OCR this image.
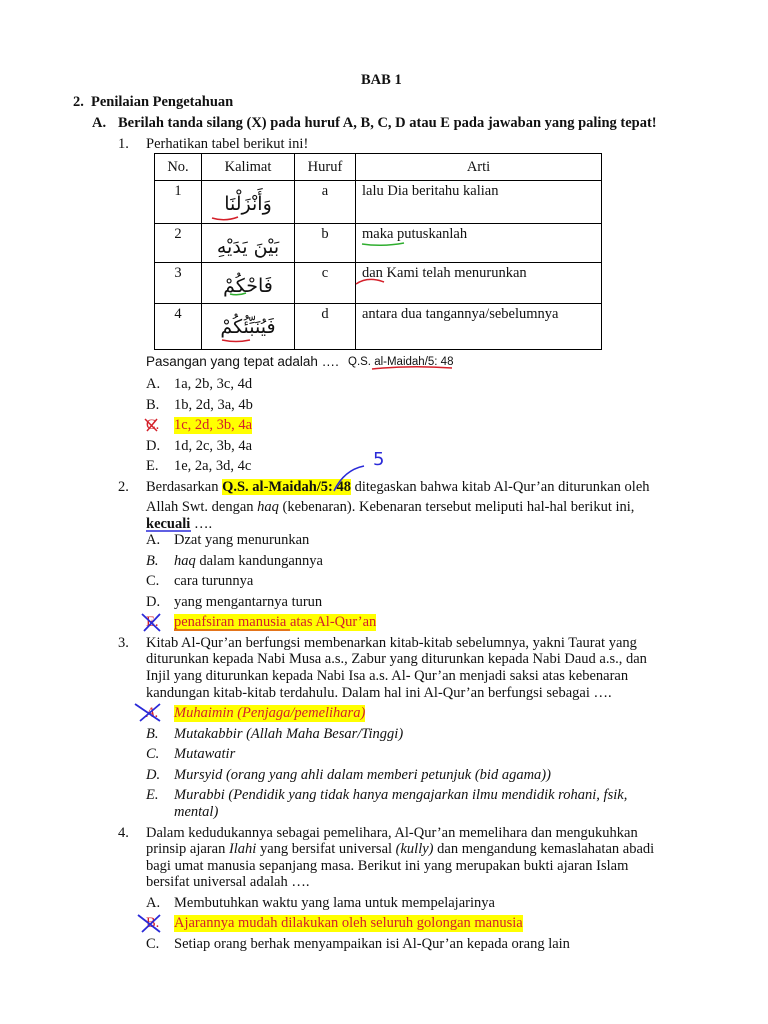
BAB 1
2. Penilaian Pengetahuan
A. Berilah tanda silang (X) pada huruf A, B, C, D atau E pada jawaban yang paling tepat!
1. Perhatikan tabel berikut ini!
No.	Kalimat	Huruf	Arti
1	وَأَنْزَلْنَا	a	lalu Dia beritahu kalian
2	بَيْنَ يَدَيْهِ	b	maka putuskanlah
3	فَاحْكُمْ	c	dan Kami telah menurunkan
4	فَيُنَبِّئُكُمْ	d	antara dua tangannya/sebelumnya
Pasangan yang tepat adalah …. Q.S. al-Maidah/5: 48
A. 1a, 2b, 3c, 4d
B. 1b, 2d, 3a, 4b
C. 1c, 2d, 3b, 4a
D. 1d, 2c, 3b, 4a
E. 1e, 2a, 3d, 4c
2. Berdasarkan Q.S. al-Maidah/5: 48 ditegaskan bahwa kitab Al-Qur’an diturunkan oleh
Allah Swt. dengan haq (kebenaran). Kebenaran tersebut meliputi hal-hal berikut ini,
kecuali ….
5
A. Dzat yang menurunkan
B. haq dalam kandungannya
C. cara turunnya
D. yang mengantarnya turun
E. penafsiran manusia atas Al-Qur’an
3. Kitab Al-Qur’an berfungsi membenarkan kitab-kitab sebelumnya, yakni Taurat yang
diturunkan kepada Nabi Musa a.s., Zabur yang diturunkan kepada Nabi Daud a.s., dan
Injil yang diturunkan kepada Nabi Isa a.s. Al- Qur’an menjadi saksi atas kebenaran
kandungan kitab-kitab terdahulu. Dalam hal ini Al-Qur’an berfungsi sebagai ….
A. Muhaimin (Penjaga/pemelihara)
B. Mutakabbir (Allah Maha Besar/Tinggi)
C. Mutawatir
D. Mursyid (orang yang ahli dalam memberi petunjuk (bid agama))
E. Murabbi (Pendidik yang tidak hanya mengajarkan ilmu mendidik rohani, fsik,
mental)
4. Dalam kedudukannya sebagai pemelihara, Al-Qur’an memelihara dan mengukuhkan
prinsip ajaran Ilahi yang bersifat universal (kully) dan mengandung kemaslahatan abadi
bagi umat manusia sepanjang masa. Berikut ini yang merupakan bukti ajaran Islam
bersifat universal adalah ….
A. Membutuhkan waktu yang lama untuk mempelajarinya
B. Ajarannya mudah dilakukan oleh seluruh golongan manusia
C. Setiap orang berhak menyampaikan isi Al-Qur’an kepada orang lain
